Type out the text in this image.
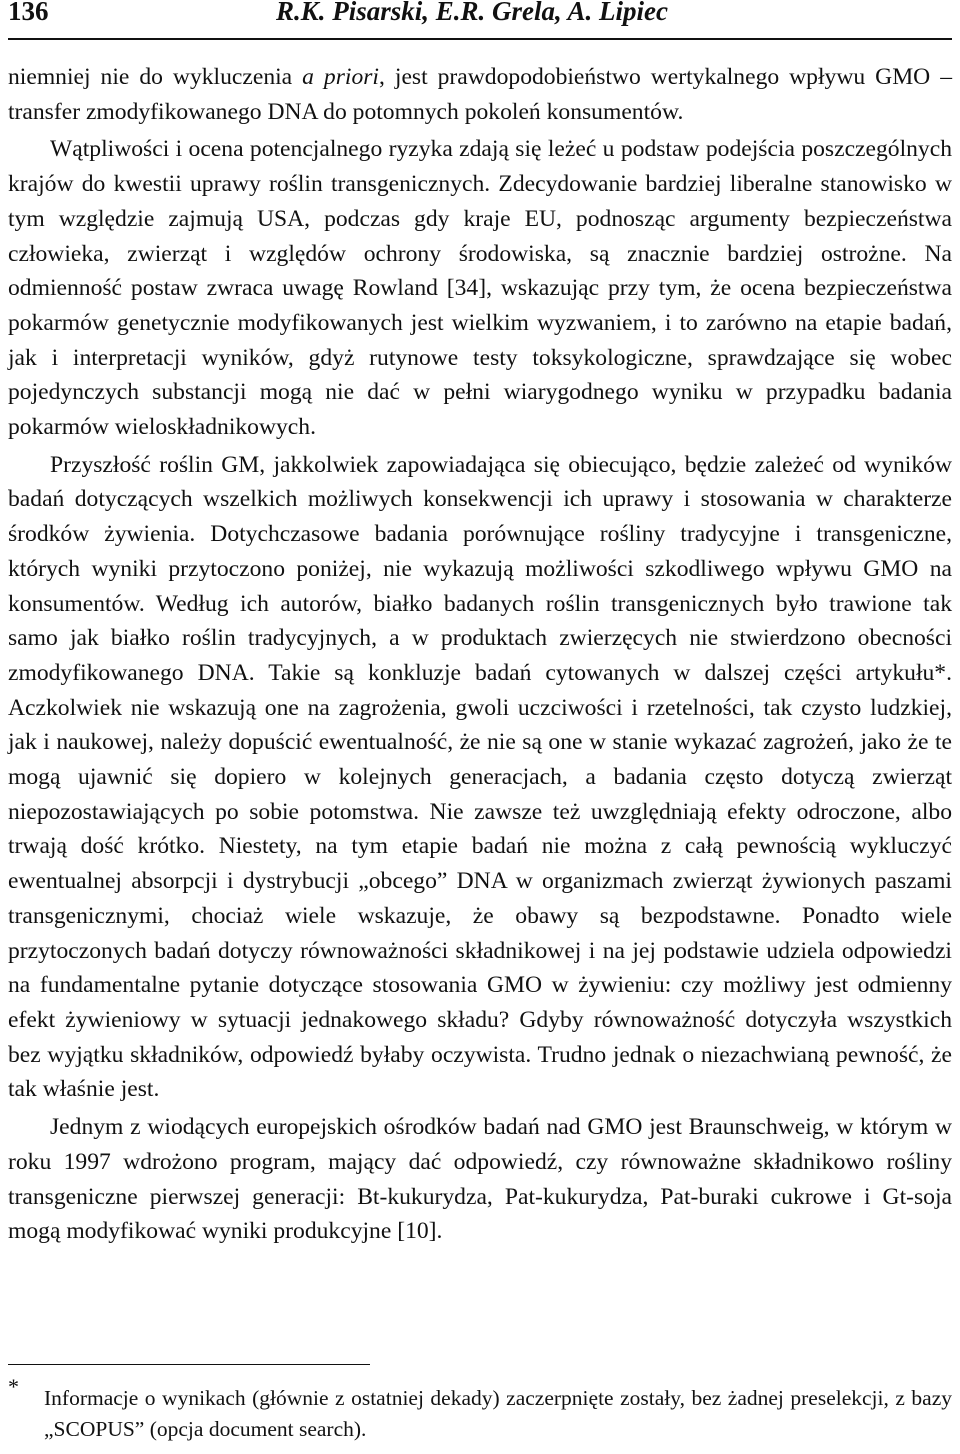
136	R.K. Pisarski, E.R. Grela, A. Lipiec

niemniej nie do wykluczenia a priori, jest prawdopodobieństwo wertykalnego wpływu GMO – transfer zmodyfikowanego DNA do potomnych pokoleń konsumentów.

Wątpliwości i ocena potencjalnego ryzyka zdają się leżeć u podstaw podejścia poszczególnych krajów do kwestii uprawy roślin transgenicznych. Zdecydowanie bardziej liberalne stanowisko w tym względzie zajmują USA, podczas gdy kraje EU, podnosząc argumenty bezpieczeństwa człowieka, zwierząt i względów ochrony środowiska, są znacznie bardziej ostrożne. Na odmienność postaw zwraca uwagę Rowland [34], wskazując przy tym, że ocena bezpieczeństwa pokarmów genetycznie modyfikowanych jest wielkim wyzwaniem, i to zarówno na etapie badań, jak i interpretacji wyników, gdyż rutynowe testy toksykologiczne, sprawdzające się wobec pojedynczych substancji mogą nie dać w pełni wiarygodnego wyniku w przypadku badania pokarmów wieloskładnikowych.

Przyszłość roślin GM, jakkolwiek zapowiadająca się obiecująco, będzie zależeć od wyników badań dotyczących wszelkich możliwych konsekwencji ich uprawy i stosowania w charakterze środków żywienia. Dotychczasowe badania porównujące rośliny tradycyjne i transgeniczne, których wyniki przytoczono poniżej, nie wykazują możliwości szkodliwego wpływu GMO na konsumentów. Według ich autorów, białko badanych roślin transgenicznych było trawione tak samo jak białko roślin tradycyjnych, a w produktach zwierzęcych nie stwierdzono obecności zmodyfikowanego DNA. Takie są konkluzje badań cytowanych w dalszej części artykułu*. Aczkolwiek nie wskazują one na zagrożenia, gwoli uczciwości i rzetelności, tak czysto ludzkiej, jak i naukowej, należy dopuścić ewentualność, że nie są one w stanie wykazać zagrożeń, jako że te mogą ujawnić się dopiero w kolejnych generacjach, a badania często dotyczą zwierząt niepozostawiających po sobie potomstwa. Nie zawsze też uwzględniają efekty odroczone, albo trwają dość krótko. Niestety, na tym etapie badań nie można z całą pewnością wykluczyć ewentualnej absorpcji i dystrybucji „obcego” DNA w organizmach zwierząt żywionych paszami transgenicznymi, chociaż wiele wskazuje, że obawy są bezpodstawne. Ponadto wiele przytoczonych badań dotyczy równoważności składnikowej i na jej podstawie udziela odpowiedzi na fundamentalne pytanie dotyczące stosowania GMO w żywieniu: czy możliwy jest odmienny efekt żywieniowy w sytuacji jednakowego składu? Gdyby równoważność dotyczyła wszystkich bez wyjątku składników, odpowiedź byłaby oczywista. Trudno jednak o niezachwianą pewność, że tak właśnie jest.

Jednym z wiodących europejskich ośrodków badań nad GMO jest Braunschweig, w którym w roku 1997 wdrożono program, mający dać odpowiedź, czy równoważne składnikowo rośliny transgeniczne pierwszej generacji: Bt-kukurydza, Pat-kukurydza, Pat-buraki cukrowe i Gt-soja mogą modyfikować wyniki produkcyjne [10].

* Informacje o wynikach (głównie z ostatniej dekady) zaczerpnięte zostały, bez żadnej preselekcji, z bazy „SCOPUS” (opcja document search).
